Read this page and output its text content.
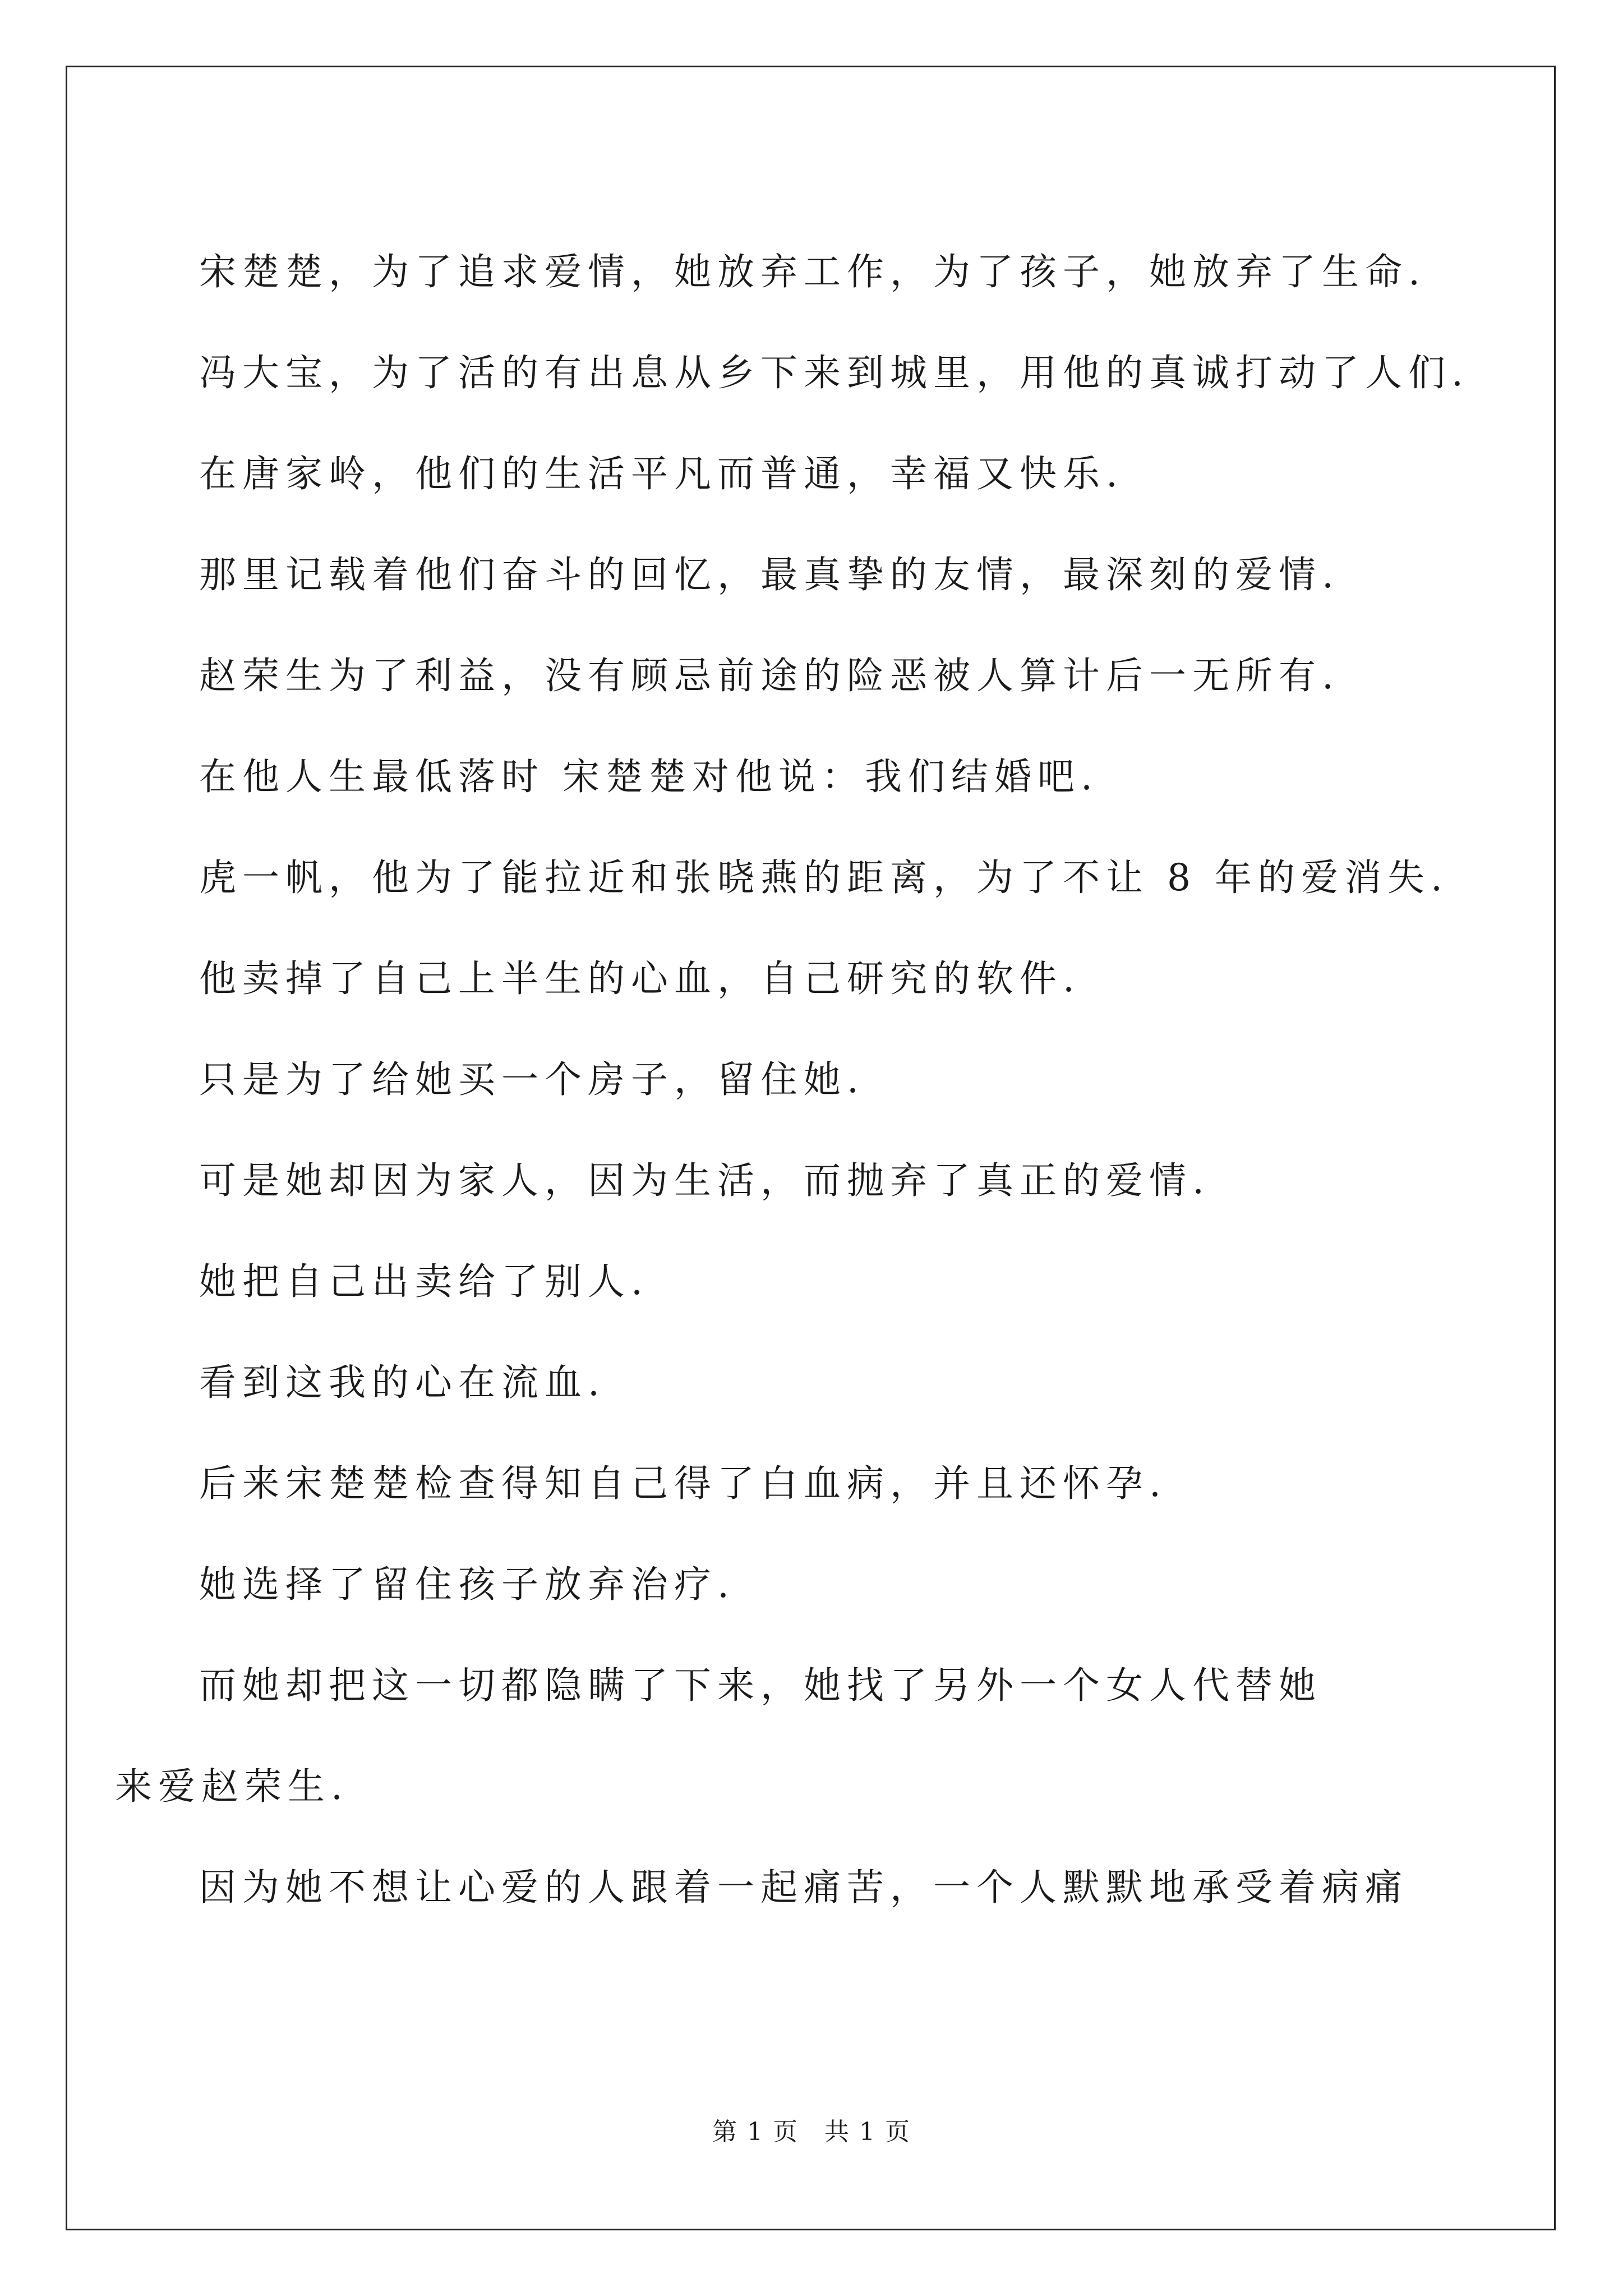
宋楚楚，为了追求爱情，她放弃工作，为了孩子，她放弃了生命.

冯大宝，为了活的有出息从乡下来到城里，用他的真诚打动了人们.

在唐家岭，他们的生活平凡而普通，幸福又快乐.

那里记载着他们奋斗的回忆，最真挚的友情，最深刻的爱情.

赵荣生为了利益，没有顾忌前途的险恶被人算计后一无所有.

在他人生最低落时 宋楚楚对他说：我们结婚吧.

虎一帆，他为了能拉近和张晓燕的距离，为了不让 8 年的爱消失.

他卖掉了自己上半生的心血，自己研究的软件.

只是为了给她买一个房子，留住她.

可是她却因为家人，因为生活，而抛弃了真正的爱情.

她把自己出卖给了别人.

看到这我的心在流血.

后来宋楚楚检查得知自己得了白血病，并且还怀孕.

她选择了留住孩子放弃治疗.

而她却把这一切都隐瞒了下来，她找了另外一个女人代替她来爱赵荣生.

因为她不想让心爱的人跟着一起痛苦，一个人默默地承受着病痛

第 1 页　共 1 页
